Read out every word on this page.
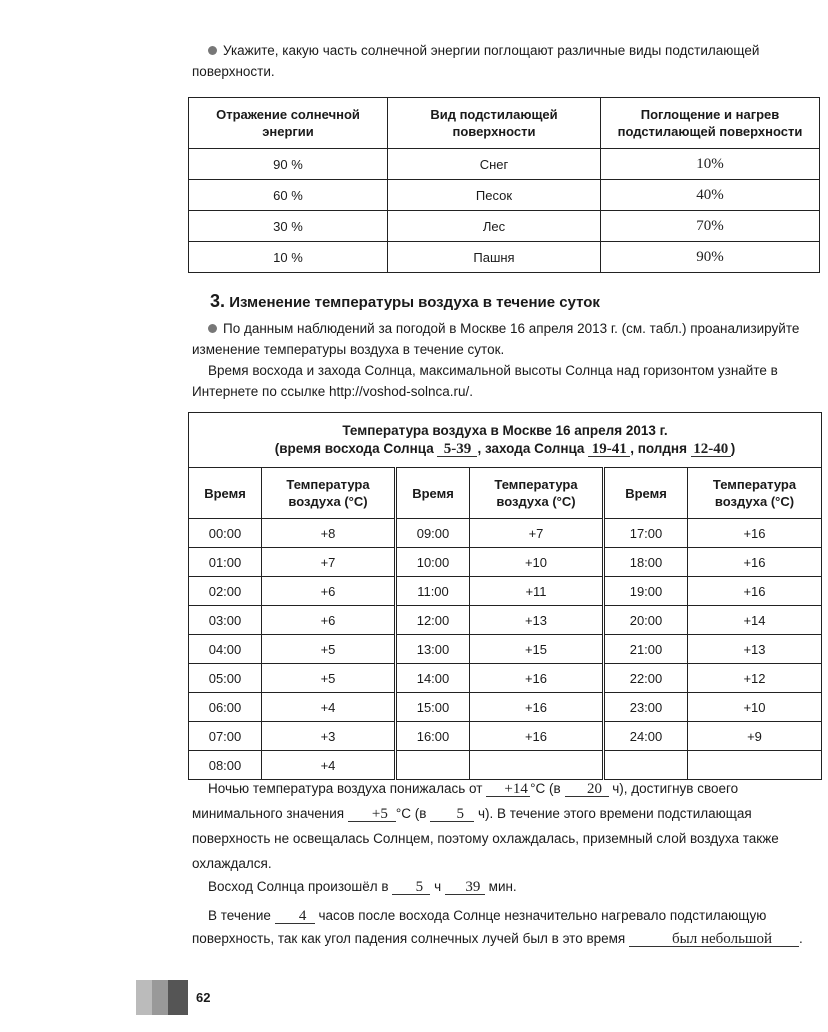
Укажите, какую часть солнечной энергии поглощают различные виды подстилающей поверхности.
Отражение солнечной энергии	Вид подстилающей поверхности	Поглощение и нагрев подстилающей поверхности
90 %	Снег	10%
60 %	Песок	40%
30 %	Лес	70%
10 %	Пашня	90%
3. Изменение температуры воздуха в течение суток
По данным наблюдений за погодой в Москве 16 апреля 2013 г. (см. табл.) проанализируйте изменение температуры воздуха в течение суток.
Время восхода и захода Солнца, максимальной высоты Солнца над горизонтом узнайте в Интернете по ссылке http://voshod-solnca.ru/.
Температура воздуха в Москве 16 апреля 2013 г.
(время восхода Солнца 5-39 , захода Солнца 19-41 , полдня 12-40 )					
Время	Температура воздуха (°С)	Время	Температура воздуха (°С)	Время	Температура воздуха (°С)
00:00	+8	09:00	+7	17:00	+16
01:00	+7	10:00	+10	18:00	+16
02:00	+6	11:00	+11	19:00	+16
03:00	+6	12:00	+13	20:00	+14
04:00	+5	13:00	+15	21:00	+13
05:00	+5	14:00	+16	22:00	+12
06:00	+4	15:00	+16	23:00	+10
07:00	+3	16:00	+16	24:00	+9
08:00	+4				
Ночью температура воздуха понижалась от +14 °С (в 20 ч), достигнув своего минимального значения +5 °С (в 5 ч). В течение этого времени подстилающая поверхность не освещалась Солнцем, поэтому охлаждалась, приземный слой воздуха также охлаждался.
Восход Солнца произошёл в 5 ч 39 мин.
В течение 4 часов после восхода Солнце незначительно нагревало подстилающую поверхность, так как угол падения солнечных лучей был в это время	был небольшой .
62
